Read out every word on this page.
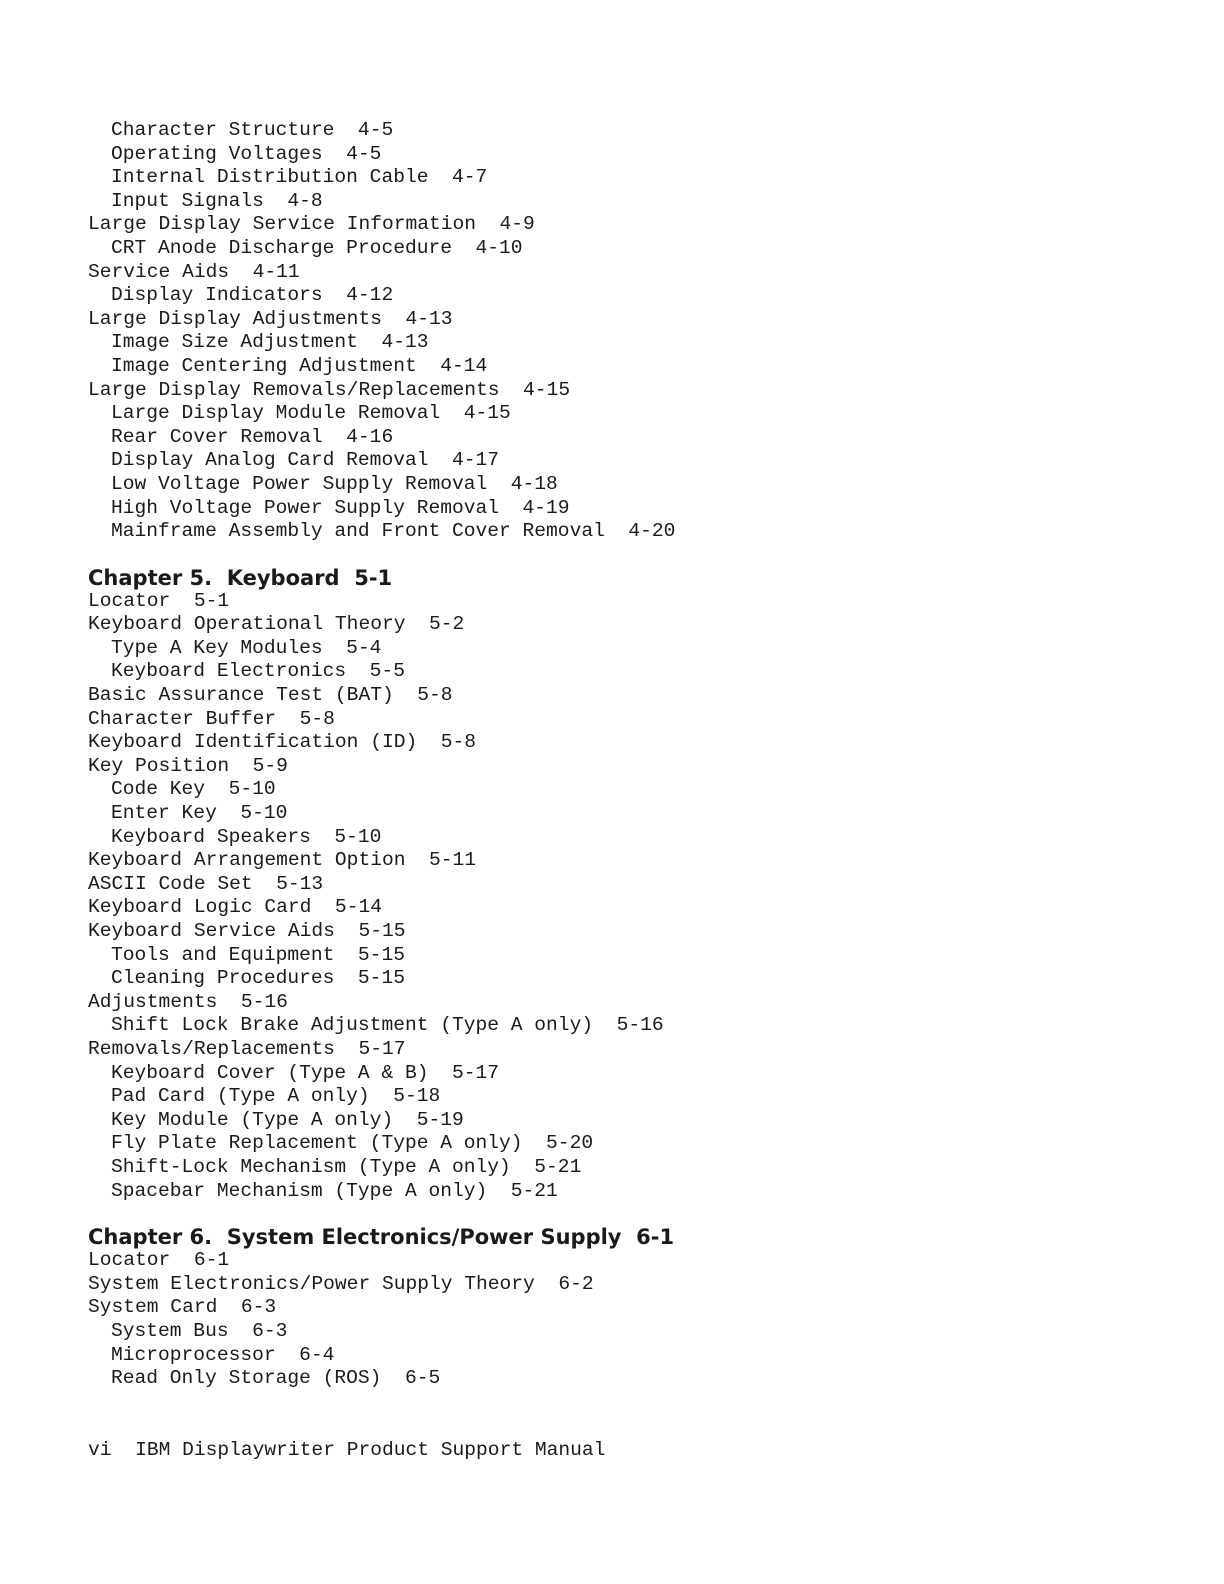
Character Structure  4-5
Operating Voltages  4-5
Internal Distribution Cable  4-7
Input Signals  4-8
Large Display Service Information  4-9
CRT Anode Discharge Procedure  4-10
Service Aids  4-11
Display Indicators  4-12
Large Display Adjustments  4-13
Image Size Adjustment  4-13
Image Centering Adjustment  4-14
Large Display Removals/Replacements  4-15
Large Display Module Removal  4-15
Rear Cover Removal  4-16
Display Analog Card Removal  4-17
Low Voltage Power Supply Removal  4-18
High Voltage Power Supply Removal  4-19
Mainframe Assembly and Front Cover Removal  4-20
Chapter 5.  Keyboard  5-1
Locator  5-1
Keyboard Operational Theory  5-2
Type A Key Modules  5-4
Keyboard Electronics  5-5
Basic Assurance Test (BAT)  5-8
Character Buffer  5-8
Keyboard Identification (ID)  5-8
Key Position  5-9
Code Key  5-10
Enter Key  5-10
Keyboard Speakers  5-10
Keyboard Arrangement Option  5-11
ASCII Code Set  5-13
Keyboard Logic Card  5-14
Keyboard Service Aids  5-15
Tools and Equipment  5-15
Cleaning Procedures  5-15
Adjustments  5-16
Shift Lock Brake Adjustment (Type A only)  5-16
Removals/Replacements  5-17
Keyboard Cover (Type A & B)  5-17
Pad Card (Type A only)  5-18
Key Module (Type A only)  5-19
Fly Plate Replacement (Type A only)  5-20
Shift-Lock Mechanism (Type A only)  5-21
Spacebar Mechanism (Type A only)  5-21
Chapter 6.  System Electronics/Power Supply  6-1
Locator  6-1
System Electronics/Power Supply Theory  6-2
System Card  6-3
System Bus  6-3
Microprocessor  6-4
Read Only Storage (ROS)  6-5
vi IBM Displaywriter Product Support Manual
